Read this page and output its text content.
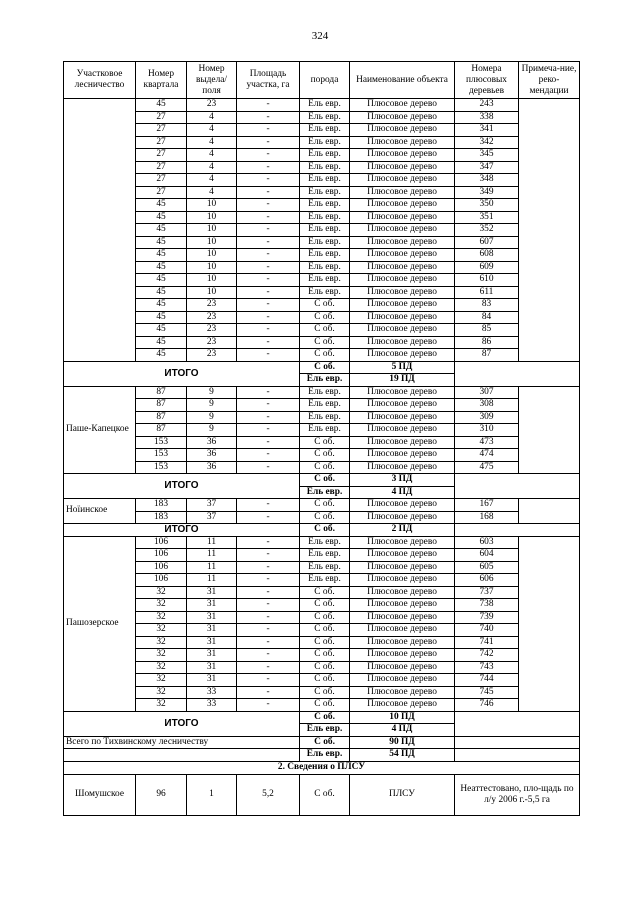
324
Участковое лесничество	Номер квартала	Номер выдела/ поля	Площадь участка, га	порода	Наименование объекта	Номера плюсовых деревьев	Примеча-ние, реко-мендации
	45	23	-	Ель евр.	Плюсовое дерево	243	
	27	4	-	Ель евр.	Плюсовое дерево	338	
	27	4	-	Ель евр.	Плюсовое дерево	341	
	27	4	-	Ель евр.	Плюсовое дерево	342	
	27	4	-	Ель евр.	Плюсовое дерево	345	
	27	4	-	Ель евр.	Плюсовое дерево	347	
	27	4	-	Ель евр.	Плюсовое дерево	348	
	27	4	-	Ель евр.	Плюсовое дерево	349	
	45	10	-	Ель евр.	Плюсовое дерево	350	
	45	10	-	Ель евр.	Плюсовое дерево	351	
	45	10	-	Ель евр.	Плюсовое дерево	352	
	45	10	-	Ель евр.	Плюсовое дерево	607	
	45	10	-	Ель евр.	Плюсовое дерево	608	
	45	10	-	Ель евр.	Плюсовое дерево	609	
	45	10	-	Ель евр.	Плюсовое дерево	610	
	45	10	-	Ель евр.	Плюсовое дерево	611	
	45	23	-	С об.	Плюсовое дерево	83	
	45	23	-	С об.	Плюсовое дерево	84	
	45	23	-	С об.	Плюсовое дерево	85	
	45	23	-	С об.	Плюсовое дерево	86	
	45	23	-	С об.	Плюсовое дерево	87	
ИТОГО				С об.	5 ПД		
				Ель евр.	19 ПД		
Паше-Капецкое	87	9	-	Ель евр.	Плюсовое дерево	307	
	87	9	-	Ель евр.	Плюсовое дерево	308	
	87	9	-	Ель евр.	Плюсовое дерево	309	
	87	9	-	Ель евр.	Плюсовое дерево	310	
	153	36	-	С об.	Плюсовое дерево	473	
	153	36	-	С об.	Плюсовое дерево	474	
	153	36	-	С об.	Плюсовое дерево	475	
ИТОГО				С об.	3 ПД		
				Ель евр.	4 ПД		
Ноїинское	183	37	-	С об.	Плюсовое дерево	167	
	183	37	-	С об.	Плюсовое дерево	168	
ИТОГО				С об.	2 ПД		
Пашозерское	106	11	-	Ель евр.	Плюсовое дерево	603	
	106	11	-	Ель евр.	Плюсовое дерево	604	
	106	11	-	Ель евр.	Плюсовое дерево	605	
	106	11	-	Ель евр.	Плюсовое дерево	606	
	32	31	-	С об.	Плюсовое дерево	737	
	32	31	-	С об.	Плюсовое дерево	738	
	32	31	-	С об.	Плюсовое дерево	739	
	32	31	-	С об.	Плюсовое дерево	740	
	32	31	-	С об.	Плюсовое дерево	741	
	32	31	-	С об.	Плюсовое дерево	742	
	32	31	-	С об.	Плюсовое дерево	743	
	32	31	-	С об.	Плюсовое дерево	744	
	32	33	-	С об.	Плюсовое дерево	745	
	32	33	-	С об.	Плюсовое дерево	746	
ИТОГО				С об.	10 ПД		
				Ель евр.	4 ПД		
Всего по Тихвинскому лесничеству				С об.	90 ПД		
				Ель евр.	54 ПД		
2. Сведения о ПЛСУ							
Шомушское	96	1	5,2	С об.	ПЛСУ	Неаттестовано, пло-щадь по л/у 2006 г.-5,5 га	
